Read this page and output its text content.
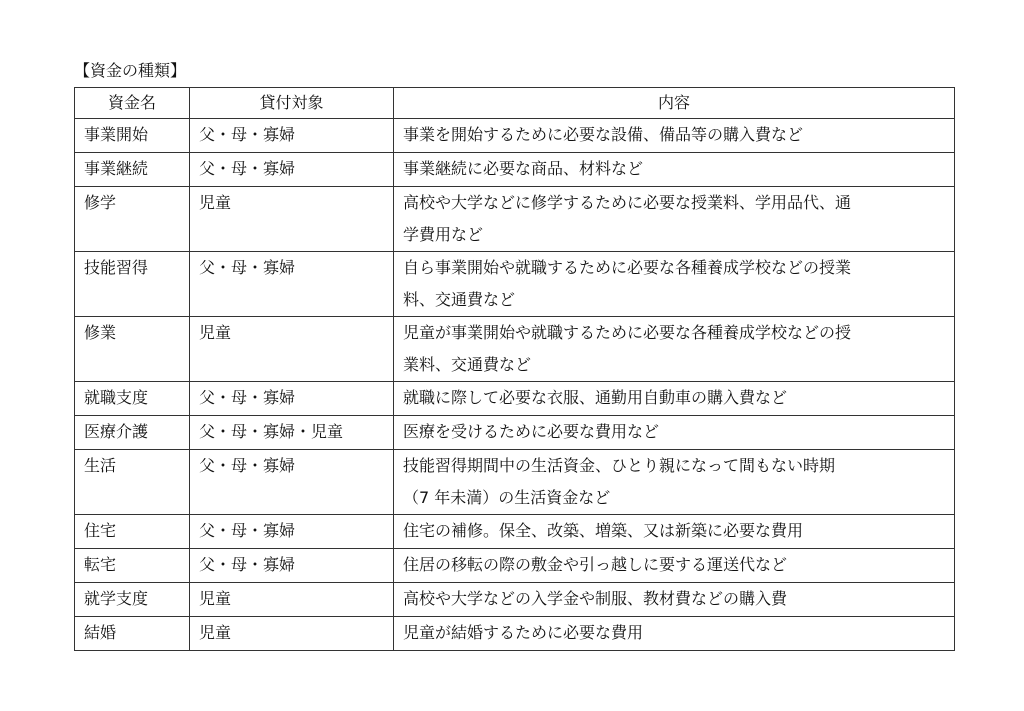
【資金の種類】
資金名	貸付対象	内容
事業開始	父・母・寡婦	事業を開始するために必要な設備、備品等の購入費など

事業継続	父・母・寡婦	事業継続に必要な商品、材料など

修学	児童	高校や大学などに修学するために必要な授業料、学用品代、通
学費用など

技能習得	父・母・寡婦	自ら事業開始や就職するために必要な各種養成学校などの授業
料、交通費など

修業	児童	児童が事業開始や就職するために必要な各種養成学校などの授
業料、交通費など

就職支度	父・母・寡婦	就職に際して必要な衣服、通勤用自動車の購入費など

医療介護	父・母・寡婦・児童	医療を受けるために必要な費用など

生活	父・母・寡婦	技能習得期間中の生活資金、ひとり親になって間もない時期
（7 年未満）の生活資金など

住宅	父・母・寡婦	住宅の補修。保全、改築、増築、又は新築に必要な費用

転宅	父・母・寡婦	住居の移転の際の敷金や引っ越しに要する運送代など

就学支度	児童	高校や大学などの入学金や制服、教材費などの購入費

結婚	児童	児童が結婚するために必要な費用
